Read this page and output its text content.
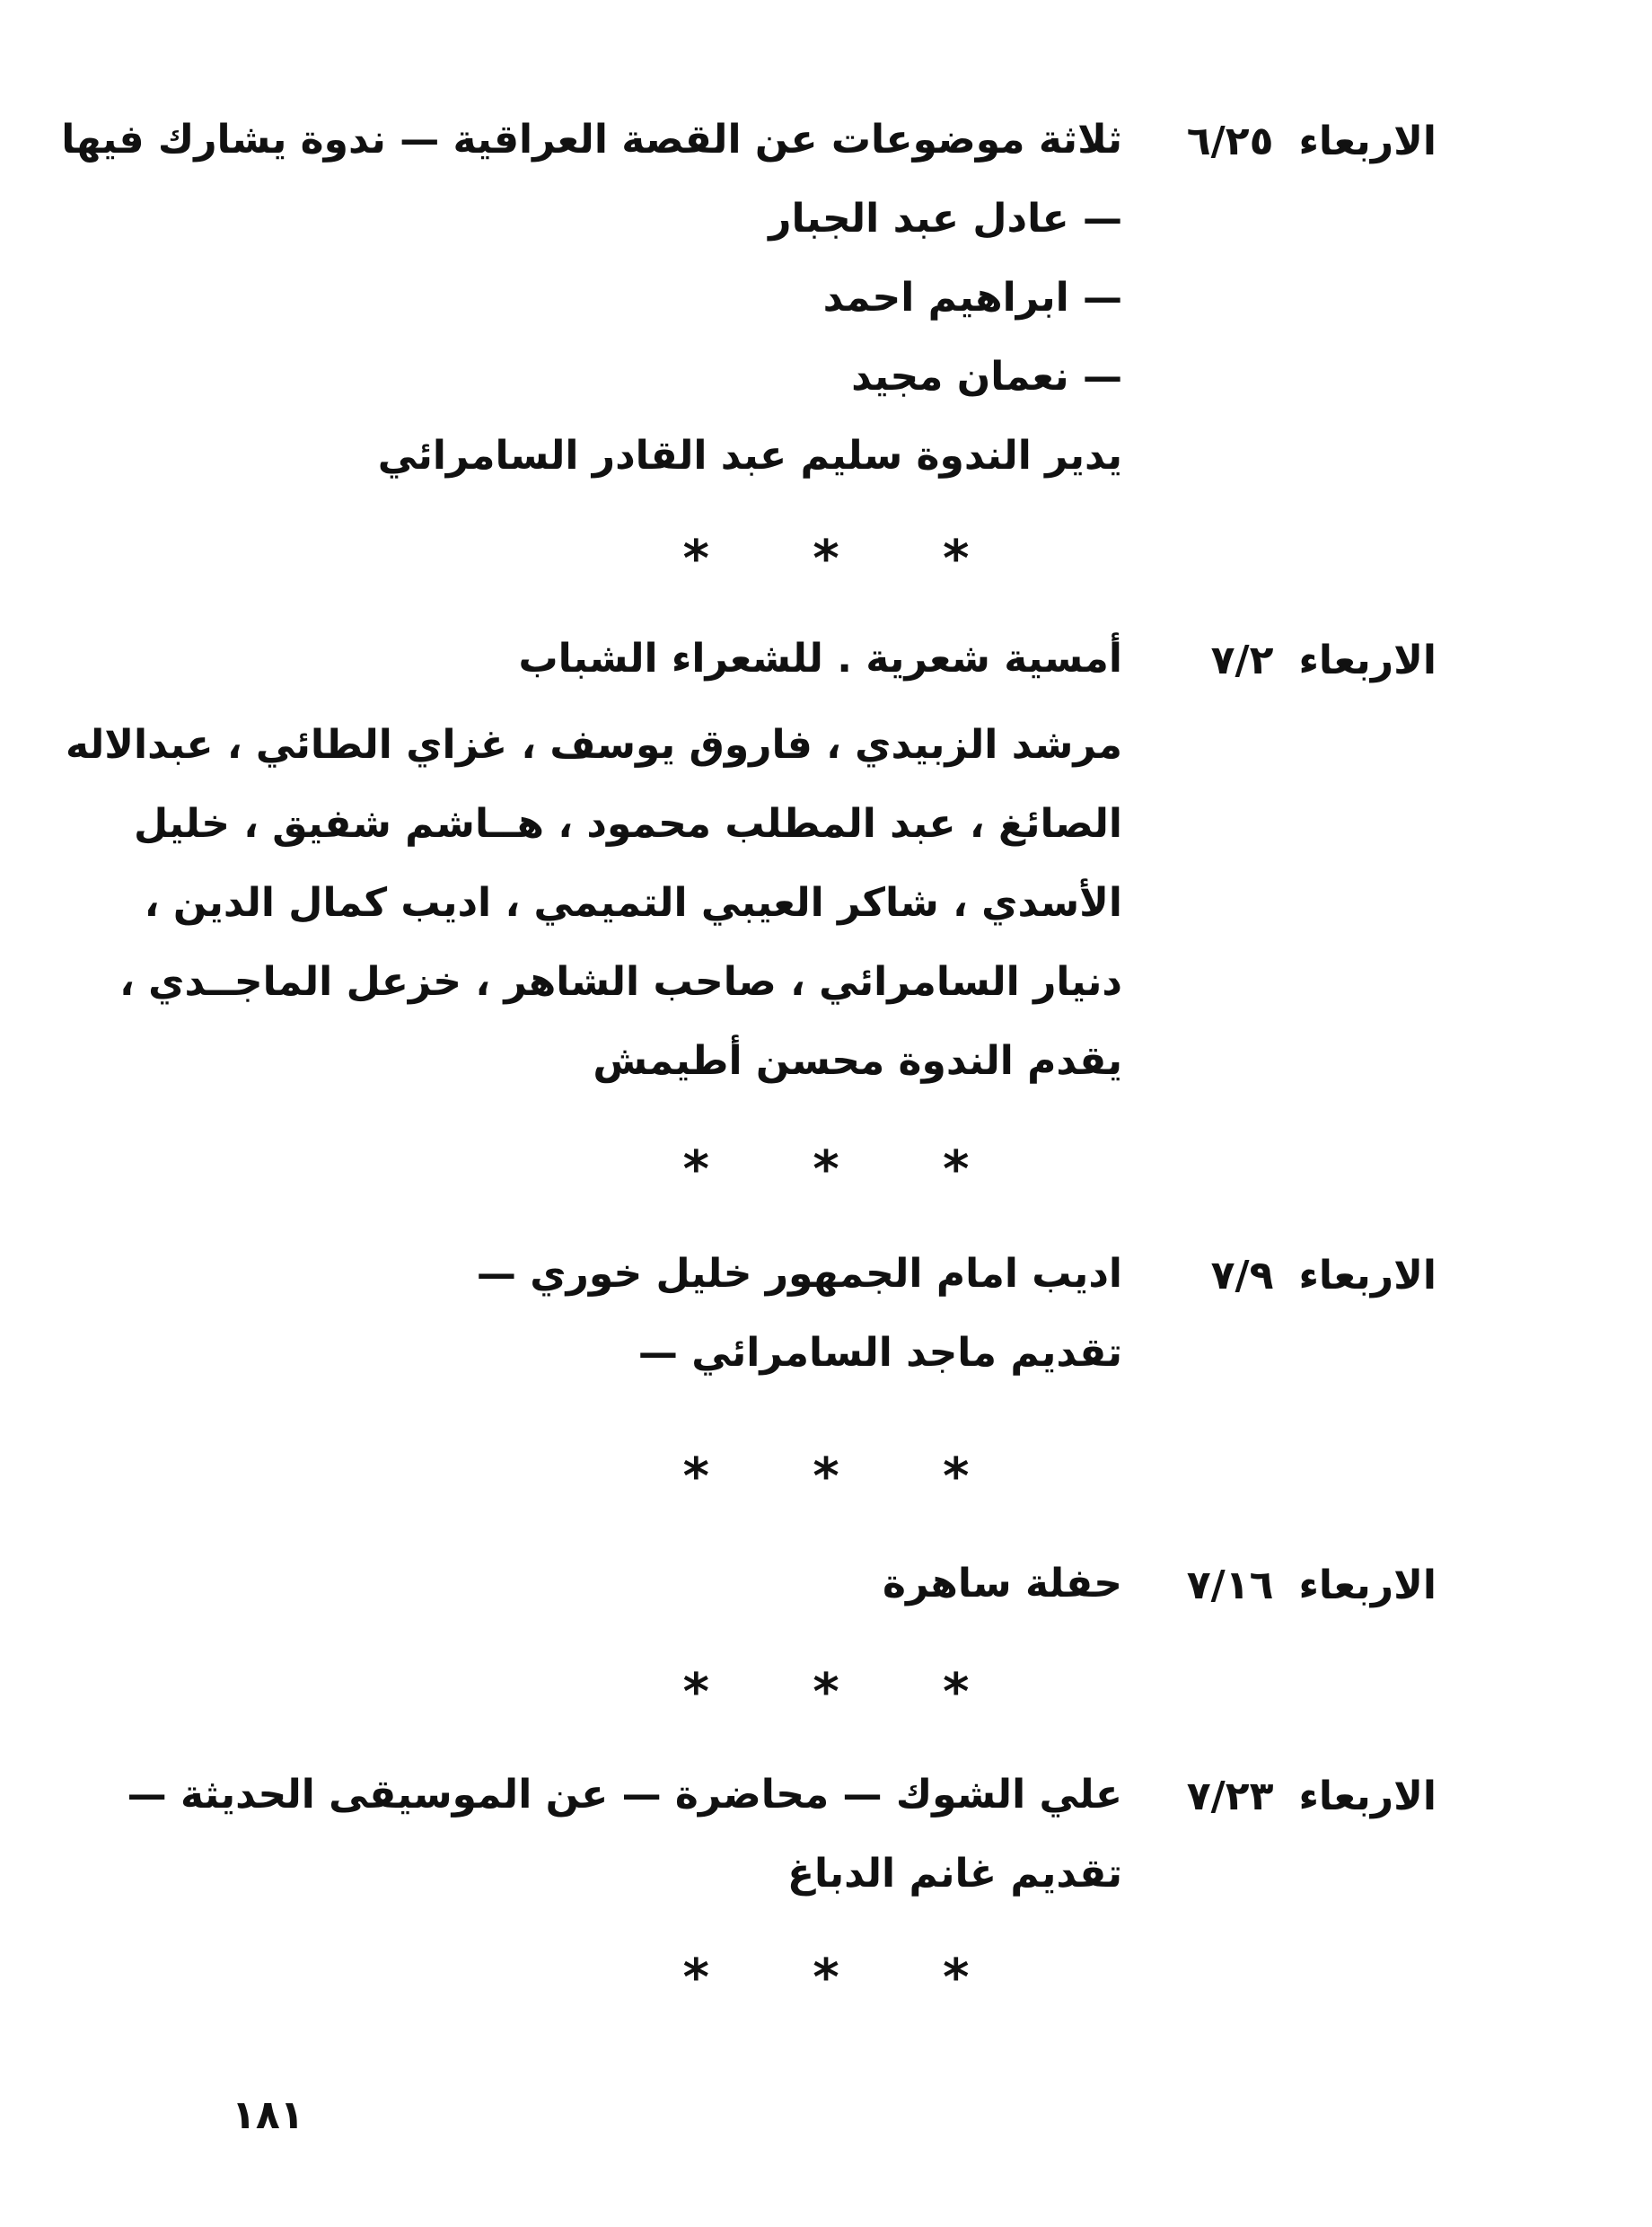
الاربعاء٦/٢٥
ثلاثة موضوعات عن القصة العراقية — ندوة يشارك فيها
— عادل عبد الجبار
— ابراهيم احمد
— نعمان مجيد
يدير الندوة سليم عبد القادر السامرائي
* * *
الاربعاء٧/٢
أمسية شعرية . للشعراء الشباب
مرشد الزبيدي ، فاروق يوسف ، غزاي الطائي ، عبدالاله
الصائغ ، عبد المطلب محمود ، هــاشم شفيق ، خليل
الأسدي ، شاكر العيبي التميمي ، اديب كمال الدين ،
دنيار السامرائي ، صاحب الشاهر ، خزعل الماجــدي ،
يقدم الندوة محسن أطيمش
* * *
الاربعاء٧/٩
اديب امام الجمهور خليل خوري —
تقديم ماجد السامرائي —
* * *
الاربعاء٧/١٦
حفلة ساهرة
* * *
الاربعاء٧/٢٣
علي الشوك — محاضرة — عن الموسيقى الحديثة —
تقديم غانم الدباغ
* * *
١٨١
